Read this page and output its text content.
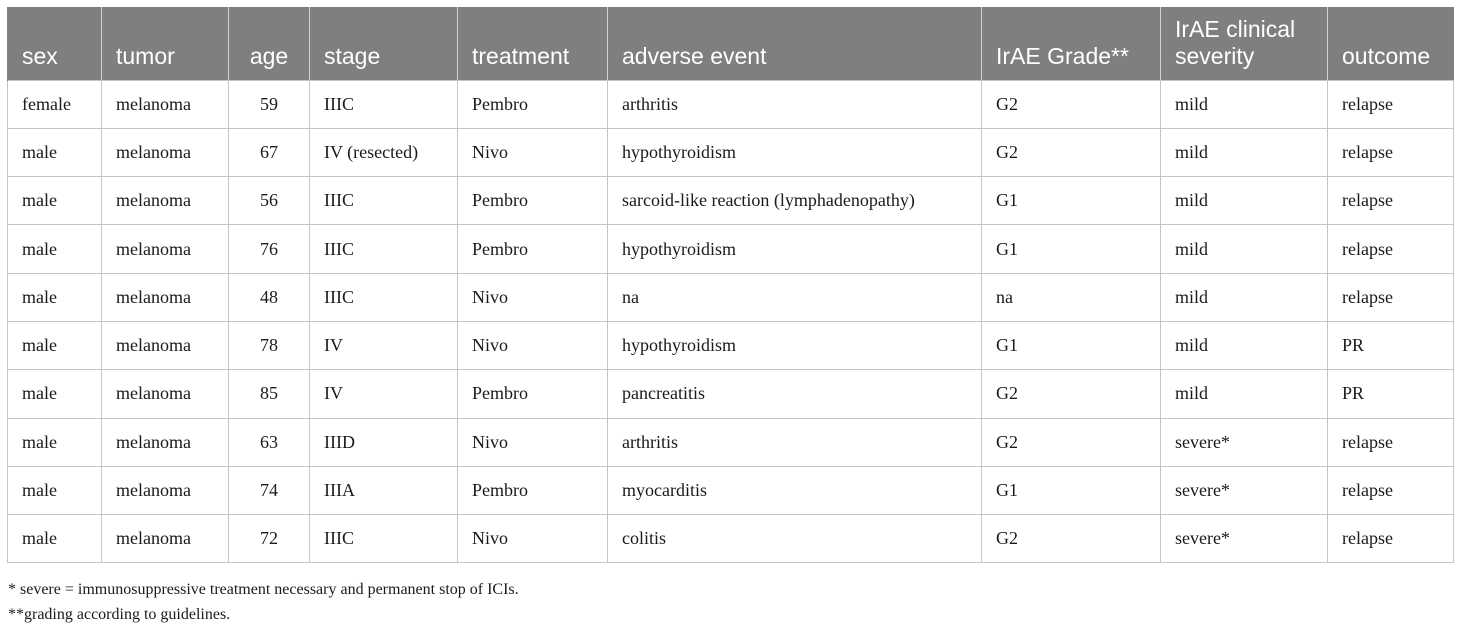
sex	tumor	age	stage	treatment	adverse event	IrAE Grade**	IrAE clinical severity	outcome
female	melanoma	59	IIIC	Pembro	arthritis	G2	mild	relapse
male	melanoma	67	IV (resected)	Nivo	hypothyroidism	G2	mild	relapse
male	melanoma	56	IIIC	Pembro	sarcoid-like reaction (lymphadenopathy)	G1	mild	relapse
male	melanoma	76	IIIC	Pembro	hypothyroidism	G1	mild	relapse
male	melanoma	48	IIIC	Nivo	na	na	mild	relapse
male	melanoma	78	IV	Nivo	hypothyroidism	G1	mild	PR
male	melanoma	85	IV	Pembro	pancreatitis	G2	mild	PR
male	melanoma	63	IIID	Nivo	arthritis	G2	severe*	relapse
male	melanoma	74	IIIA	Pembro	myocarditis	G1	severe*	relapse
male	melanoma	72	IIIC	Nivo	colitis	G2	severe*	relapse
* severe = immunosuppressive treatment necessary and permanent stop of ICIs.
**grading according to guidelines.
